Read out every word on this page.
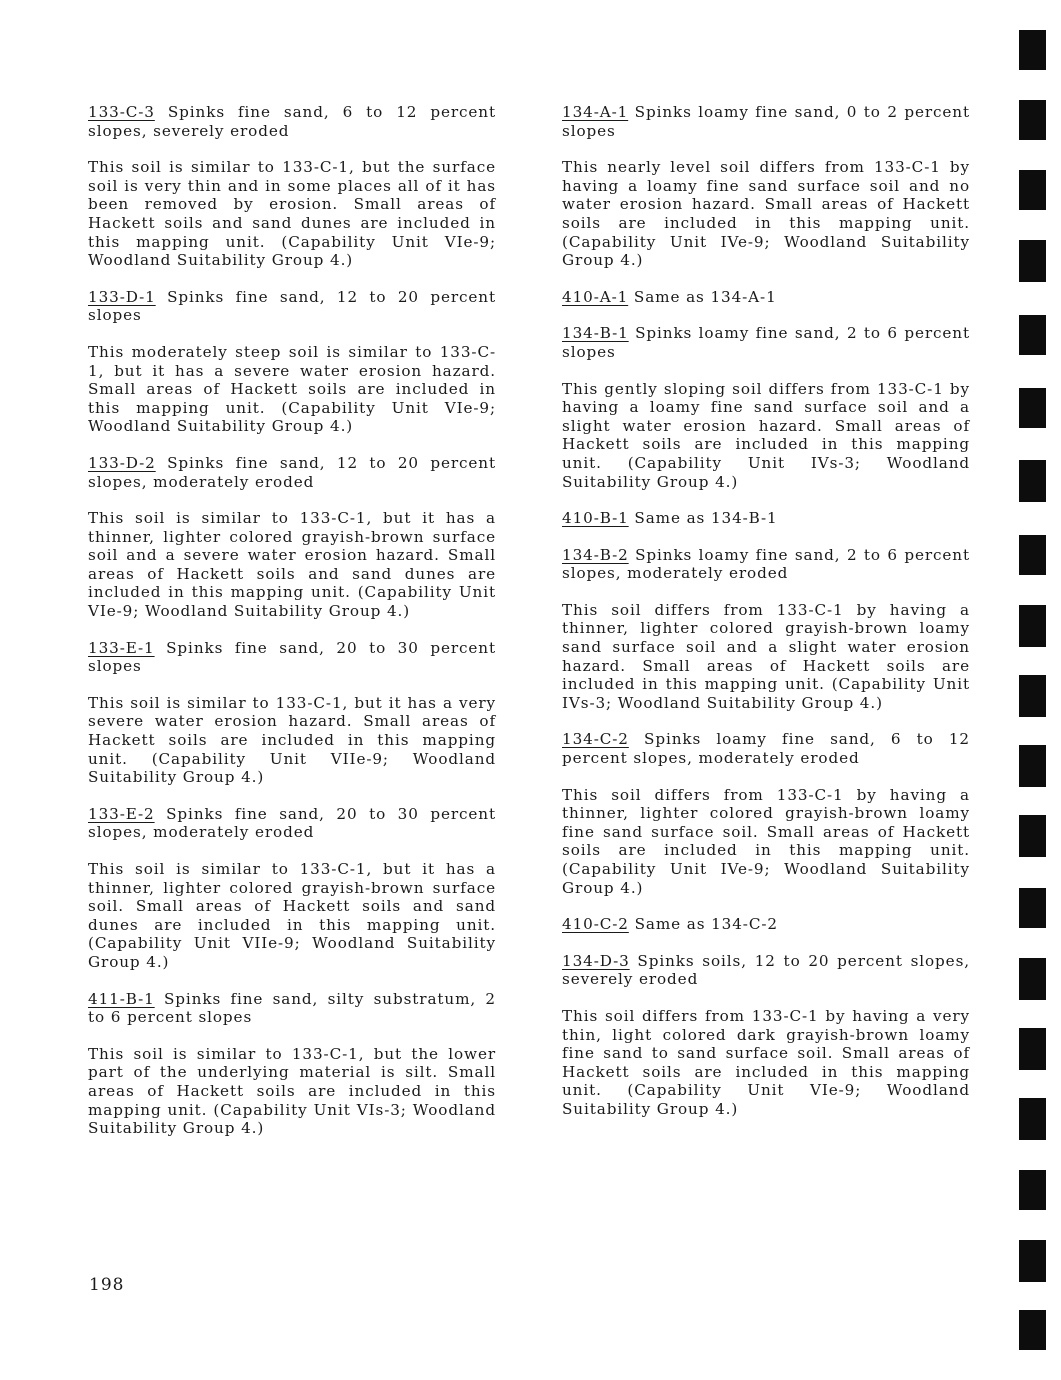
133-C-3 Spinks fine sand, 6 to 12 percent slopes, severely eroded

This soil is similar to 133-C-1, but the surface soil is very thin and in some places all of it has been removed by erosion. Small areas of Hackett soils and sand dunes are included in this mapping unit. (Capability Unit VIe-9; Woodland Suitability Group 4.)

133-D-1 Spinks fine sand, 12 to 20 percent slopes

This moderately steep soil is similar to 133-C-1, but it has a severe water erosion hazard. Small areas of Hackett soils are included in this mapping unit. (Capability Unit VIe-9; Woodland Suitability Group 4.)

133-D-2 Spinks fine sand, 12 to 20 percent slopes, moderately eroded

This soil is similar to 133-C-1, but it has a thinner, lighter colored grayish-brown surface soil and a severe water erosion hazard. Small areas of Hackett soils and sand dunes are included in this mapping unit. (Capability Unit VIe-9; Woodland Suitability Group 4.)

133-E-1 Spinks fine sand, 20 to 30 percent slopes

This soil is similar to 133-C-1, but it has a very severe water erosion hazard. Small areas of Hackett soils are included in this mapping unit. (Capability Unit VIIe-9; Woodland Suitability Group 4.)

133-E-2 Spinks fine sand, 20 to 30 percent slopes, moderately eroded

This soil is similar to 133-C-1, but it has a thinner, lighter colored grayish-brown surface soil. Small areas of Hackett soils and sand dunes are included in this mapping unit. (Capability Unit VIIe-9; Woodland Suitability Group 4.)

411-B-1 Spinks fine sand, silty substratum, 2 to 6 percent slopes

This soil is similar to 133-C-1, but the lower part of the underlying material is silt. Small areas of Hackett soils are included in this mapping unit. (Capability Unit VIs-3; Woodland Suitability Group 4.)

134-A-1 Spinks loamy fine sand, 0 to 2 percent slopes

This nearly level soil differs from 133-C-1 by having a loamy fine sand surface soil and no water erosion hazard. Small areas of Hackett soils are included in this mapping unit. (Capability Unit IVe-9; Woodland Suitability Group 4.)

410-A-1 Same as 134-A-1

134-B-1 Spinks loamy fine sand, 2 to 6 percent slopes

This gently sloping soil differs from 133-C-1 by having a loamy fine sand surface soil and a slight water erosion hazard. Small areas of Hackett soils are included in this mapping unit. (Capability Unit IVs-3; Woodland Suitability Group 4.)

410-B-1 Same as 134-B-1

134-B-2 Spinks loamy fine sand, 2 to 6 percent slopes, moderately eroded

This soil differs from 133-C-1 by having a thinner, lighter colored grayish-brown loamy sand surface soil and a slight water erosion hazard. Small areas of Hackett soils are included in this mapping unit. (Capability Unit IVs-3; Woodland Suitability Group 4.)

134-C-2 Spinks loamy fine sand, 6 to 12 percent slopes, moderately eroded

This soil differs from 133-C-1 by having a thinner, lighter colored grayish-brown loamy fine sand surface soil. Small areas of Hackett soils are included in this mapping unit. (Capability Unit IVe-9; Woodland Suitability Group 4.)

410-C-2 Same as 134-C-2

134-D-3 Spinks soils, 12 to 20 percent slopes, severely eroded

This soil differs from 133-C-1 by having a very thin, light colored dark grayish-brown loamy fine sand to sand surface soil. Small areas of Hackett soils are included in this mapping unit. (Capability Unit VIe-9; Woodland Suitability Group 4.)

198
